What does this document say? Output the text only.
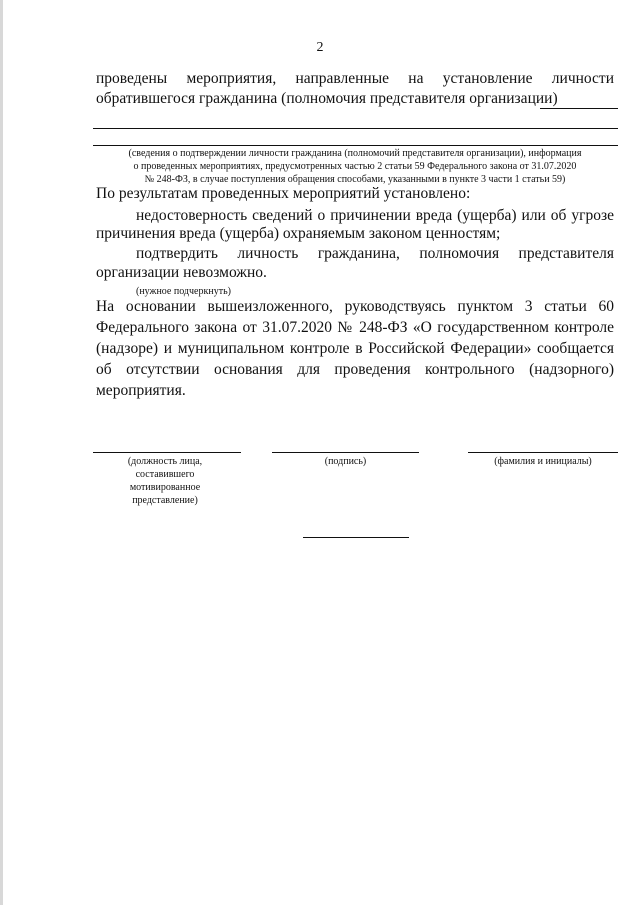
2
проведены мероприятия, направленные на установление личности
обратившегося гражданина (полномочия представителя организации)
(сведения о подтверждении личности гражданина (полномочий представителя организации), информация
о проведенных мероприятиях, предусмотренных частью 2 статьи 59 Федерального закона от 31.07.2020
№ 248-ФЗ, в случае поступления обращения способами, указанными в пункте 3 части 1 статьи 59)
По результатам проведенных мероприятий установлено:
недостоверность сведений о причинении вреда (ущерба) или об угрозе
причинения вреда (ущерба) охраняемым законом ценностям;
подтвердить личность гражданина, полномочия представителя
организации невозможно.
(нужное подчеркнуть)
На основании вышеизложенного, руководствуясь пунктом 3 статьи 60
Федерального закона от 31.07.2020 № 248-ФЗ «О государственном контроле
(надзоре) и муниципальном контроле в Российской Федерации» сообщается
об отсутствии основания для проведения контрольного (надзорного)
мероприятия.
(должность лица,
составившего
мотивированное
представление)
(подпись)	(фамилия и инициалы)
